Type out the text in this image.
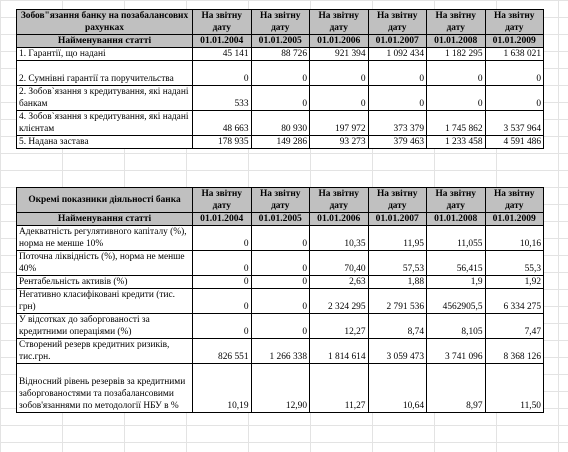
Зобов"язання банку на позабалансових рахунках	На звітну дату	На звітну дату	На звітну дату	На звітну дату	На звітну дату	На звітну дату
Найменування статті	01.01.2004	01.01.2005	01.01.2006	01.01.2007	01.01.2008	01.01.2009
1. Гарантії, що надані	45 141	88 726	921 394	1 092 434	1 182 295	1 638 021
2. Сумнівні гарантії та поручительства	0	0	0	0	0	0
2. Зобов`язання з кредитування, які надані банкам	533	0	0	0	0	0
4. Зобов`язання з кредитування, які надані клієнтам	48 663	80 930	197 972	373 379	1 745 862	3 537 964
5. Надана застава	178 935	149 286	93 273	379 463	1 233 458	4 591 486
Окремі показники діяльності банка	На звітну дату	На звітну дату	На звітну дату	На звітну дату	На звітну дату	На звітну дату
Найменування статті	01.01.2004	01.01.2005	01.01.2006	01.01.2007	01.01.2008	01.01.2009
Адекватність регулятивного капіталу (%), норма не менше 10%	0	0	10,35	11,95	11,055	10,16
Поточна ліквідність (%), норма не менше 40%	0	0	70,40	57,53	56,415	55,3
Рентабельність активів (%)	0	0	2,63	1,88	1,9	1,92
Негативно класифіковані кредити (тис. грн)	0	0	2 324 295	2 791 536	4562905,5	6 334 275
У відсотках до заборгованості за кредитними операціями (%)	0	0	12,27	8,74	8,105	7,47
Створений резерв кредитних ризиків, тис.грн.	826 551	1 266 338	1 814 614	3 059 473	3 741 096	8 368 126
Відносний рівень резервів за кредитними заборгованостями та позабалансовими зобов'язаннями по методології НБУ в %	10,19	12,90	11,27	10,64	8,97	11,50
